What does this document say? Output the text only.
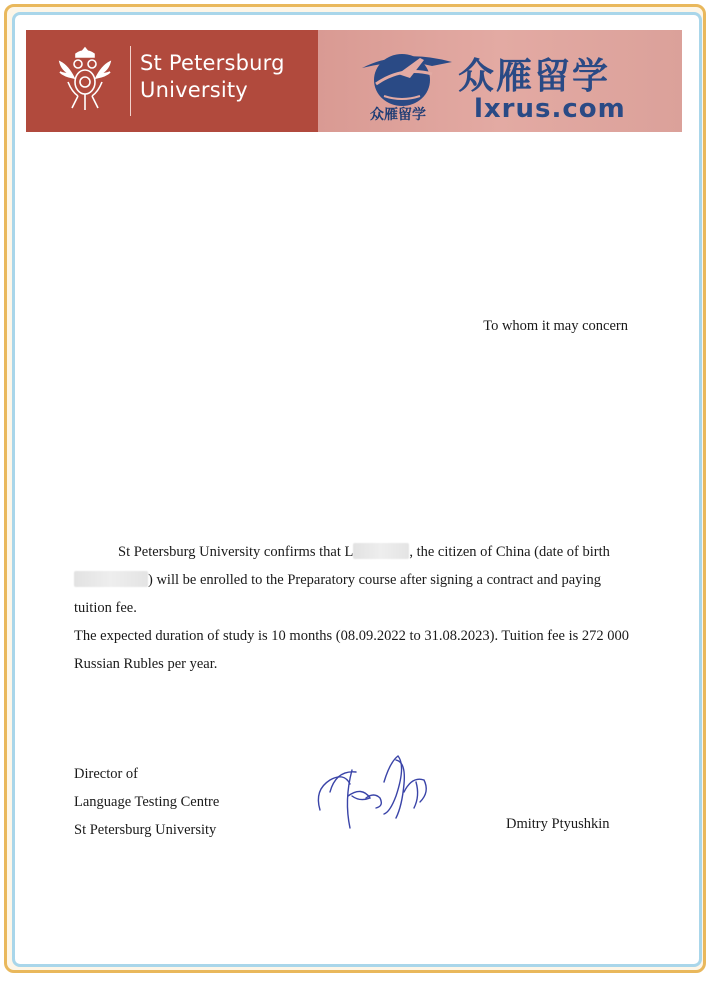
St Petersburg
University
众雁留学
众雁留学
lxrus.com
To whom it may concern
St Petersburg University confirms that L	, the citizen of China (date of birth ) will be enrolled to the Preparatory course after signing a contract and paying tuition fee.
The expected duration of study is 10 months (08.09.2022 to 31.08.2023). Tuition fee is 272 000 Russian Rubles per year.
Director of
Language Testing Centre
St Petersburg University	Dmitry Ptyushkin
